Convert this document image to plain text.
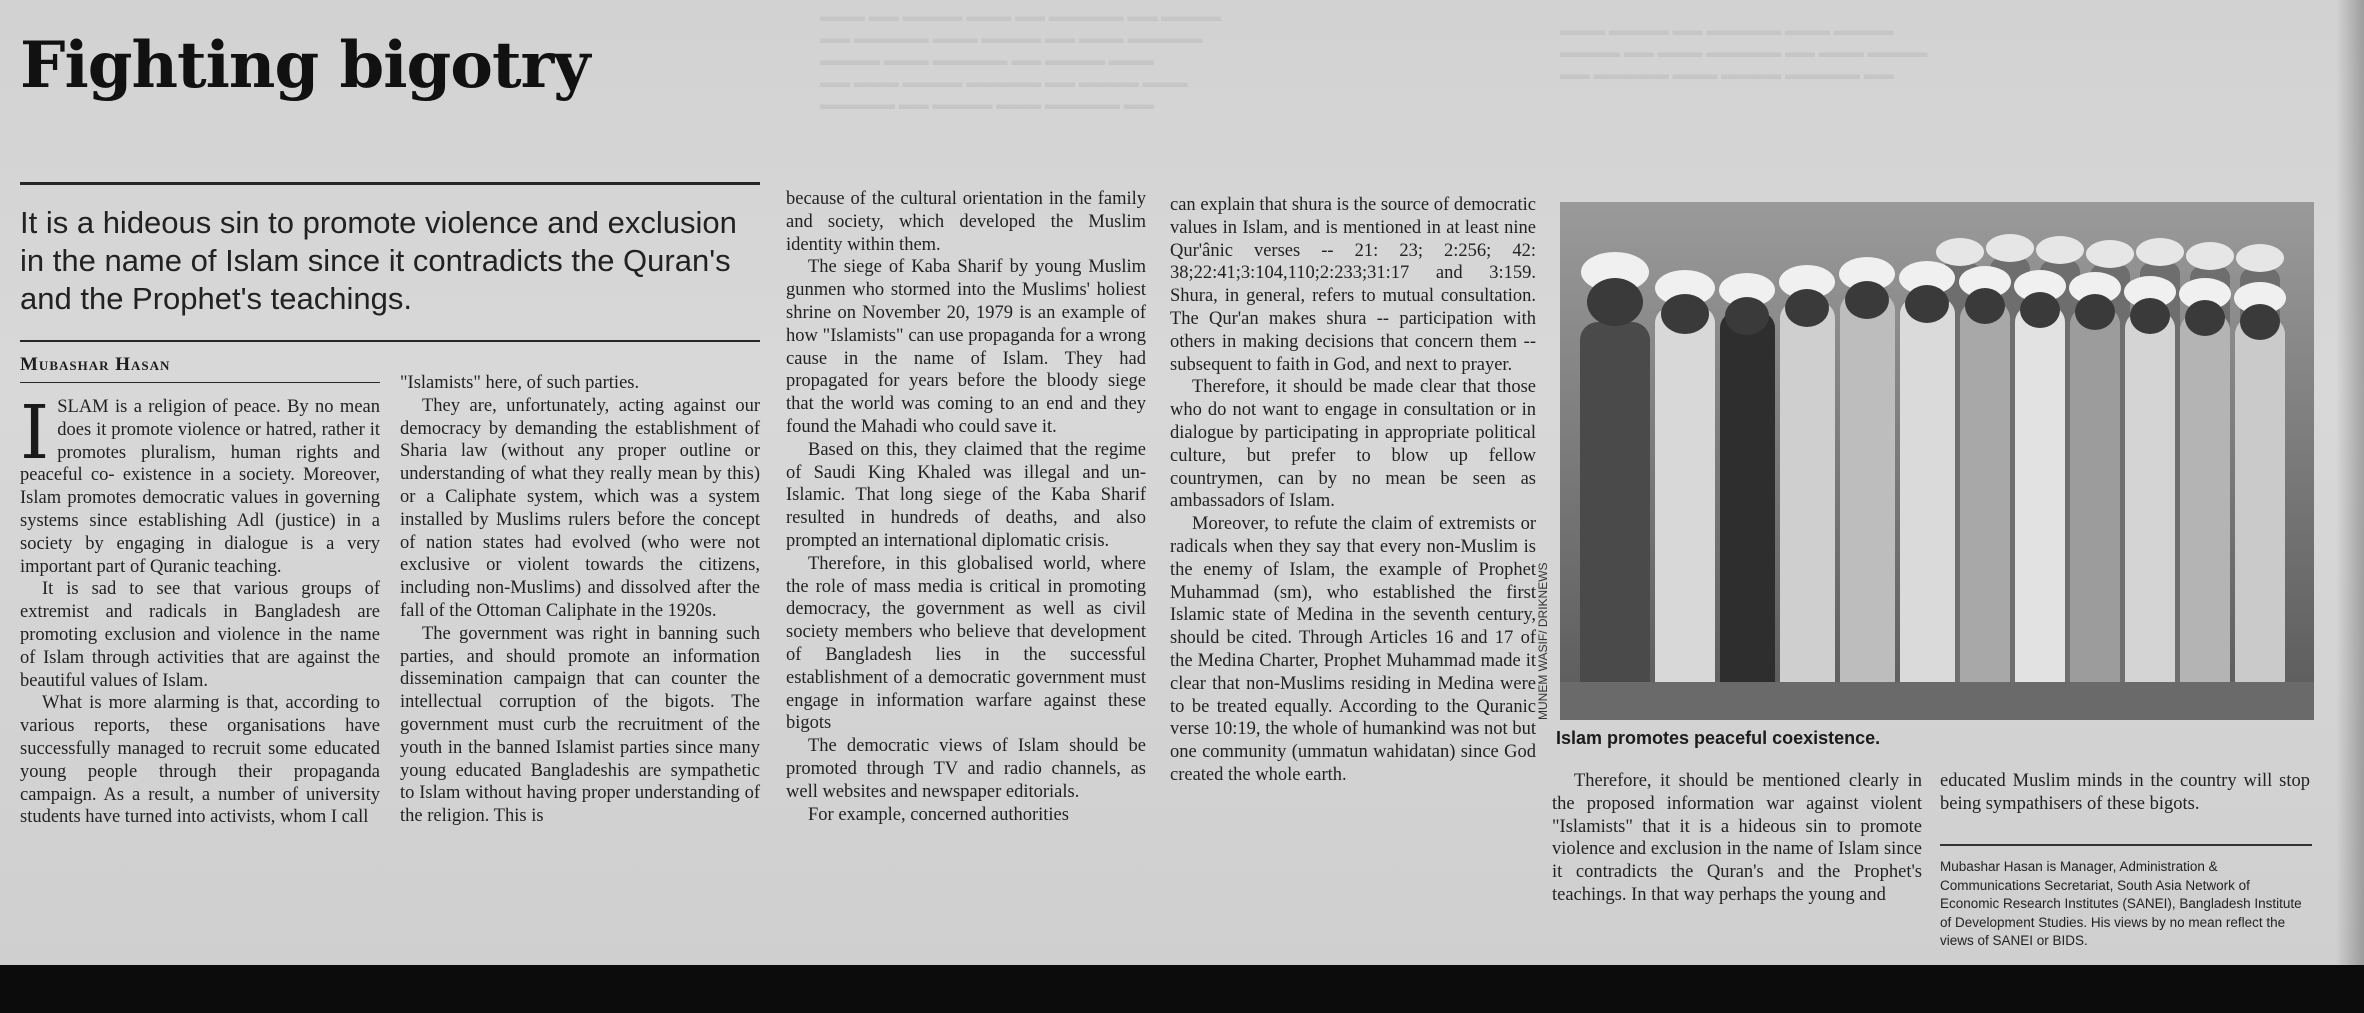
▬▬▬ ▬▬ ▬▬▬▬ ▬▬▬ ▬▬ ▬▬▬▬▬ ▬▬ ▬▬▬▬
▬▬ ▬▬▬▬▬ ▬▬▬ ▬▬▬▬ ▬▬ ▬▬▬ ▬▬▬▬▬
▬▬▬▬ ▬▬▬ ▬▬▬▬▬ ▬▬ ▬▬▬▬ ▬▬▬
▬▬ ▬▬▬ ▬▬▬▬ ▬▬▬▬▬ ▬▬ ▬▬▬▬ ▬▬▬
▬▬▬▬▬ ▬▬ ▬▬▬▬ ▬▬▬ ▬▬▬▬▬ ▬▬
▬▬▬ ▬▬▬▬ ▬▬ ▬▬▬▬▬ ▬▬▬ ▬▬▬▬
▬▬▬▬ ▬▬ ▬▬▬ ▬▬▬▬▬ ▬▬ ▬▬▬ ▬▬▬▬
▬▬ ▬▬▬▬▬ ▬▬▬ ▬▬▬▬ ▬▬▬▬▬ ▬▬
Fighting bigotry

It is a hideous sin to promote violence and exclusion in the name of Islam since it contradicts the Quran's and the Prophet's teachings.

Mubashar Hasan
I SLAM is a religion of peace. By no mean does it promote violence or hatred, rather it promotes pluralism, human rights and peaceful co- existence in a society. Moreover, Islam promotes democratic values in governing systems since establishing Adl (justice) in a society by engaging in dialogue is a very important part of Quranic teaching.

It is sad to see that various groups of extremist and radicals in Bangladesh are promoting exclusion and violence in the name of Islam through activities that are against the beautiful values of Islam.

What is more alarming is that, according to various reports, these organisations have successfully managed to recruit some educated young people through their propaganda campaign. As a result, a number of university students have turned into activists, whom I call

"Islamists" here, of such parties.

They are, unfortunately, acting against our democracy by demanding the establishment of Sharia law (without any proper outline or understanding of what they really mean by this) or a Caliphate system, which was a system installed by Muslims rulers before the concept of nation states had evolved (who were not exclusive or violent towards the citizens, including non-Muslims) and dissolved after the fall of the Ottoman Caliphate in the 1920s.

The government was right in banning such parties, and should promote an information dissemination campaign that can counter the intellectual corruption of the bigots. The government must curb the recruitment of the youth in the banned Islamist parties since many young educated Bangladeshis are sympathetic to Islam without having proper understanding of the religion. This is

because of the cultural orientation in the family and society, which developed the Muslim identity within them.

The siege of Kaba Sharif by young Muslim gunmen who stormed into the Muslims' holiest shrine on November 20, 1979 is an example of how "Islamists" can use propaganda for a wrong cause in the name of Islam. They had propagated for years before the bloody siege that the world was coming to an end and they found the Mahadi who could save it.

Based on this, they claimed that the regime of Saudi King Khaled was illegal and un-Islamic. That long siege of the Kaba Sharif resulted in hundreds of deaths, and also prompted an international diplomatic crisis.

Therefore, in this globalised world, where the role of mass media is critical in promoting democracy, the government as well as civil society members who believe that development of Bangladesh lies in the successful establishment of a democratic government must engage in information warfare against these bigots

The democratic views of Islam should be promoted through TV and radio channels, as well websites and newspaper editorials.

For example, concerned authorities

can explain that shura is the source of democratic values in Islam, and is mentioned in at least nine Qur'ânic verses -- 21: 23; 2:256; 42: 38;22:41;3:104,110;2:233;31:17 and 3:159. Shura, in general, refers to mutual consultation. The Qur'an makes shura -- participation with others in making decisions that concern them -- subsequent to faith in God, and next to prayer.

Therefore, it should be made clear that those who do not want to engage in consultation or in dialogue by participating in appropriate political culture, but prefer to blow up fellow countrymen, can by no mean be seen as ambassadors of Islam.

Moreover, to refute the claim of extremists or radicals when they say that every non-Muslim is the enemy of Islam, the example of Prophet Muhammad (sm), who established the first Islamic state of Medina in the seventh century, should be cited. Through Articles 16 and 17 of the Medina Charter, Prophet Muhammad made it clear that non-Muslims residing in Medina were to be treated equally. According to the Quranic verse 10:19, the whole of humankind was not but one community (ummatun wahidatan) since God created the whole earth.

MUNEM WASIF/ DRIKNEWS
Islam promotes peaceful coexistence.

Therefore, it should be mentioned clearly in the proposed information war against violent "Islamists" that it is a hideous sin to promote violence and exclusion in the name of Islam since it contradicts the Quran's and the Prophet's teachings. In that way perhaps the young and

educated Muslim minds in the country will stop being sympathisers of these bigots.

Mubashar Hasan is Manager, Administration & Communications Secretariat, South Asia Network of Economic Research Institutes (SANEI), Bangladesh Institute of Development Studies. His views by no mean reflect the views of SANEI or BIDS.
